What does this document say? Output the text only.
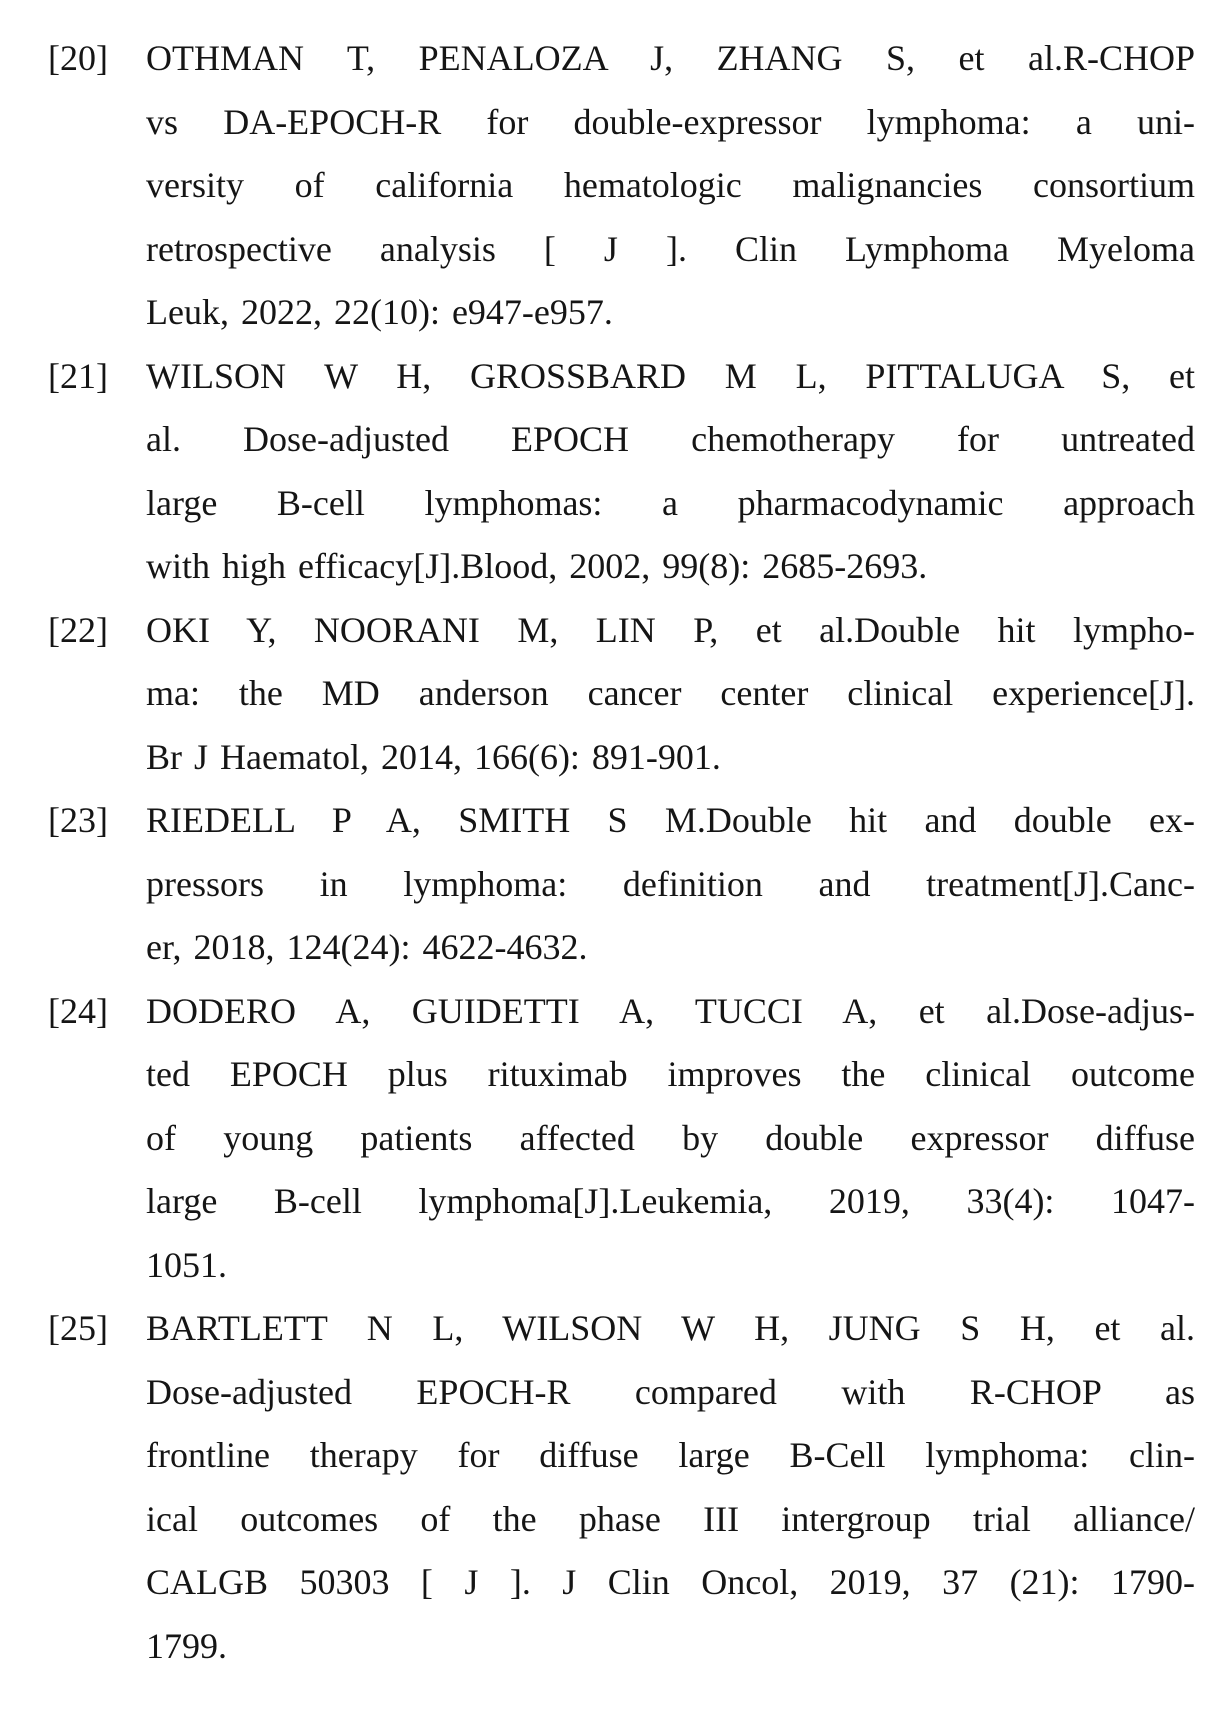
[20] OTHMAN T, PENALOZA J, ZHANG S, et al.R-CHOP
vs DA-EPOCH-R for double-expressor lymphoma: a uni-
versity of california hematologic malignancies consortium
retrospective analysis [ J ]. Clin Lymphoma Myeloma
Leuk, 2022, 22(10): e947-e957.
[21] WILSON W H, GROSSBARD M L, PITTALUGA S, et
al. Dose-adjusted EPOCH chemotherapy for untreated
large B-cell lymphomas: a pharmacodynamic approach
with high efficacy[J].Blood, 2002, 99(8): 2685-2693.
[22] OKI Y, NOORANI M, LIN P, et al.Double hit lympho-
ma: the MD anderson cancer center clinical experience[J].
Br J Haematol, 2014, 166(6): 891-901.
[23] RIEDELL P A, SMITH S M.Double hit and double ex-
pressors in lymphoma: definition and treatment[J].Canc-
er, 2018, 124(24): 4622-4632.
[24] DODERO A, GUIDETTI A, TUCCI A, et al.Dose-adjus-
ted EPOCH plus rituximab improves the clinical outcome
of young patients affected by double expressor diffuse
large B-cell lymphoma[J].Leukemia, 2019, 33(4): 1047-
1051.
[25] BARTLETT N L, WILSON W H, JUNG S H, et al.
Dose-adjusted EPOCH-R compared with R-CHOP as
frontline therapy for diffuse large B-Cell lymphoma: clin-
ical outcomes of the phase III intergroup trial alliance/
CALGB 50303 [ J ]. J Clin Oncol, 2019, 37 (21): 1790-
1799.
